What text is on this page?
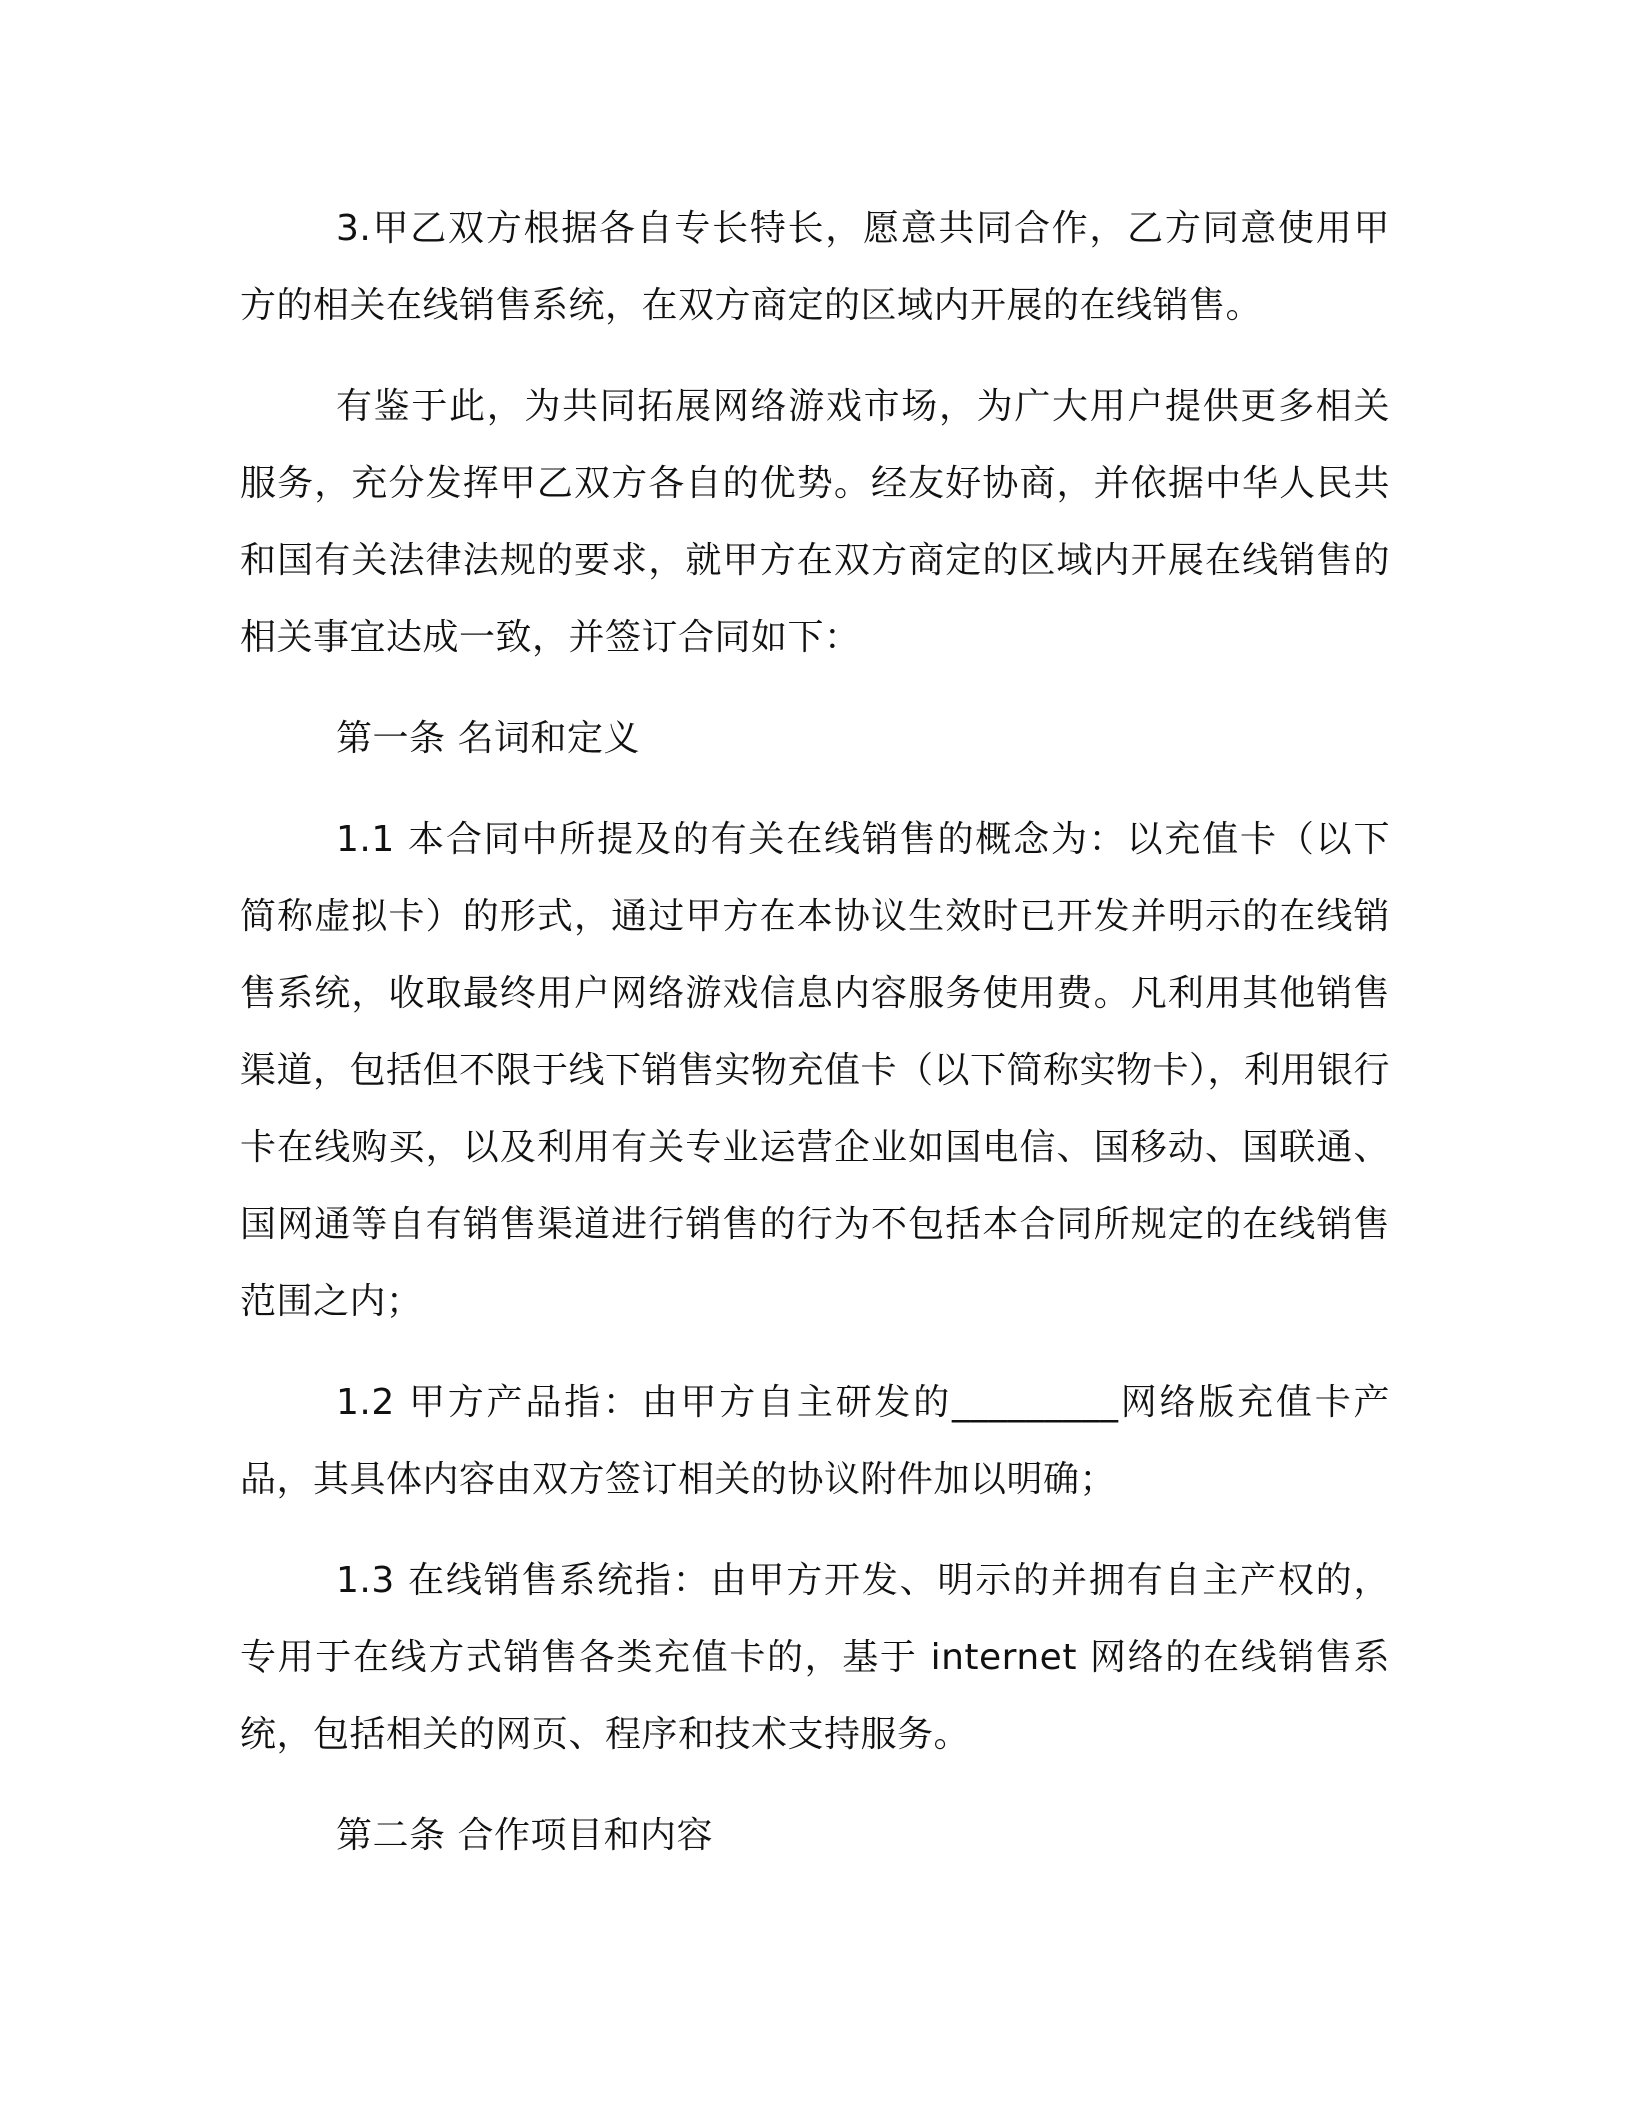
3.甲乙双方根据各自专长特长，愿意共同合作，乙方同意使用甲方的相关在线销售系统，在双方商定的区域内开展的在线销售。

有鉴于此，为共同拓展网络游戏市场，为广大用户提供更多相关服务，充分发挥甲乙双方各自的优势。经友好协商，并依据中华人民共和国有关法律法规的要求，就甲方在双方商定的区域内开展在线销售的相关事宜达成一致，并签订合同如下：

第一条 名词和定义

1.1 本合同中所提及的有关在线销售的概念为：以充值卡（以下简称虚拟卡）的形式，通过甲方在本协议生效时已开发并明示的在线销售系统，收取最终用户网络游戏信息内容服务使用费。凡利用其他销售渠道，包括但不限于线下销售实物充值卡（以下简称实物卡），利用银行卡在线购买，以及利用有关专业运营企业如国电信、国移动、国联通、国网通等自有销售渠道进行销售的行为不包括本合同所规定的在线销售范围之内；

1.2 甲方产品指：由甲方自主研发的_________网络版充值卡产品，其具体内容由双方签订相关的协议附件加以明确；

1.3 在线销售系统指：由甲方开发、明示的并拥有自主产权的，专用于在线方式销售各类充值卡的，基于 internet 网络的在线销售系统，包括相关的网页、程序和技术支持服务。

第二条 合作项目和内容
